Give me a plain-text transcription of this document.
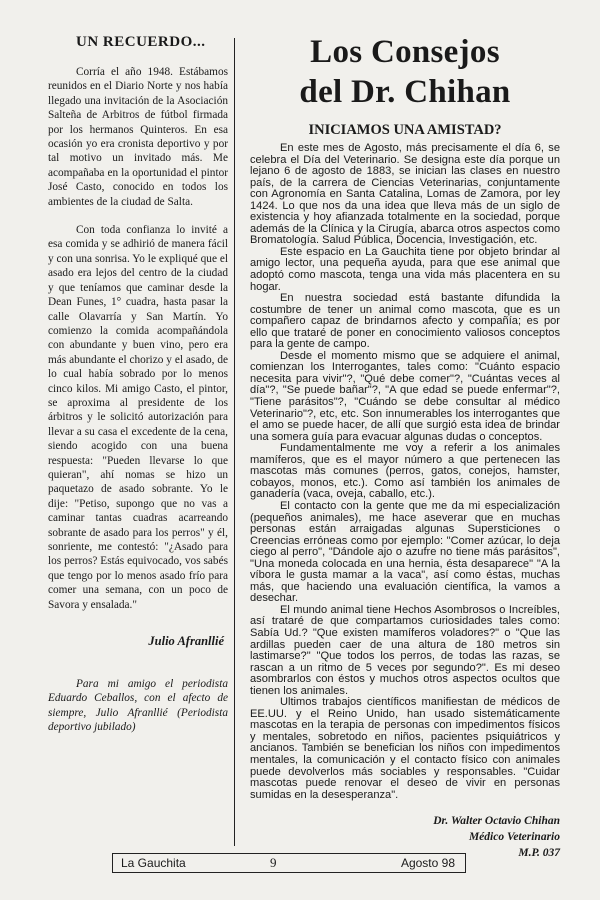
UN RECUERDO...

Corría el año 1948. Estábamos reunidos en el Diario Norte y nos había llegado una invitación de la Asociación Salteña de Arbitros de fútbol firmada por los hermanos Quinteros. En esa ocasión yo era cronista deportivo y por tal motivo un invitado más. Me acompañaba en la oportunidad el pintor José Casto, conocido en todos los ambientes de la ciudad de Salta.

Con toda confianza lo invité a esa comida y se adhirió de manera fácil y con una sonrisa. Yo le expliqué que el asado era lejos del centro de la ciudad y que teníamos que caminar desde la Dean Funes, 1° cuadra, hasta pasar la calle Olavarría y San Martín. Yo comienzo la comida acompañándola con abundante y buen vino, pero era más abundante el chorizo y el asado, de lo cual había sobrado por lo menos cinco kilos. Mi amigo Casto, el pintor, se aproxima al presidente de los árbitros y le solicitó autorización para llevar a su casa el excedente de la cena, siendo acogido con una buena respuesta: "Pueden llevarse lo que quieran", ahí nomas se hizo un paquetazo de asado sobrante. Yo le dije: "Petiso, supongo que no vas a caminar tantas cuadras acarreando sobrante de asado para los perros" y él, sonriente, me contestó: "¿Asado para los perros? Estás equivocado, vos sabés que tengo por lo menos asado frío para comer una semana, con un poco de Savora y ensalada."

Julio Afranllié
Para mi amigo el periodista Eduardo Ceballos, con el afecto de siempre, Julio Afranllié (Periodista deportivo jubilado)
Los Consejos
del Dr. Chihan
INICIAMOS UNA AMISTAD?

En este mes de Agosto, más precisamente el día 6, se celebra el Día del Veterinario. Se designa este día porque un lejano 6 de agosto de 1883, se inician las clases en nuestro país, de la carrera de Ciencias Veterinarias, conjuntamente con Agronomía en Santa Catalina, Lomas de Zamora, por ley 1424. Lo que nos da una idea que lleva más de un siglo de existencia y hoy afianzada totalmente en la sociedad, porque además de la Clínica y la Cirugía, abarca otros aspectos como Bromatología. Salud Pública, Docencia, Investigación, etc.

Este espacio en La Gauchita tiene por objeto brindar al amigo lector, una pequeña ayuda, para que ese animal que adoptó como mascota, tenga una vida más placentera en su hogar.

En nuestra sociedad está bastante difundida la costumbre de tener un animal como mascota, que es un compañero capaz de brindarnos afecto y compañía; es por ello que trataré de poner en conocimiento valiosos conceptos para la gente de campo.

Desde el momento mismo que se adquiere el animal, comienzan los Interrogantes, tales como: "Cuánto espacio necesita para vivir"?, "Qué debe comer"?, "Cuántas veces al día"?, "Se puede bañar"?, "A que edad se puede enfermar"?, "Tiene parásitos"?, "Cuándo se debe consultar al médico Veterinario"?, etc, etc. Son innumerables los interrogantes que el amo se puede hacer, de allí que surgió esta idea de brindar una somera guía para evacuar algunas dudas o conceptos.

Fundamentalmente me voy a referir a los animales mamíferos, que es el mayor número a que pertenecen las mascotas más comunes (perros, gatos, conejos, hamster, cobayos, monos, etc.). Como así también los animales de ganadería (vaca, oveja, caballo, etc.).

El contacto con la gente que me da mi especialización (pequeños animales), me hace aseverar que en muchas personas están arraigadas algunas Supersticiones o Creencias erróneas como por ejemplo: "Comer azúcar, lo deja ciego al perro", "Dándole ajo o azufre no tiene más parásitos", "Una moneda colocada en una hernia, ésta desaparece" "A la víbora le gusta mamar a la vaca", así como éstas, muchas más, que haciendo una evaluación científica, la vamos a desechar.

El mundo animal tiene Hechos Asombrosos o Increíbles, así trataré de que compartamos curiosidades tales como: Sabía Ud.? "Que existen mamíferos voladores?" o "Que las ardillas pueden caer de una altura de 180 metros sin lastimarse?" "Que todos los perros, de todas las razas, se rascan a un ritmo de 5 veces por segundo?". Es mi deseo asombrarlos con éstos y muchos otros aspectos ocultos que tienen los animales.

Ultimos trabajos científicos manifiestan de médicos de EE.UU. y el Reino Unido, han usado sistemáticamente mascotas en la terapia de personas con impedimentos físicos y mentales, sobretodo en niños, pacientes psiquiátricos y ancianos. También se benefician los niños con impedimentos mentales, la comunicación y el contacto físico con animales puede devolverlos más sociables y responsables. "Cuidar mascotas puede renovar el deseo de vivir en personas sumidas en la desesperanza".

Dr. Walter Octavio Chihan
Médico Veterinario
M.P. 037
La Gauchita	9	Agosto 98
